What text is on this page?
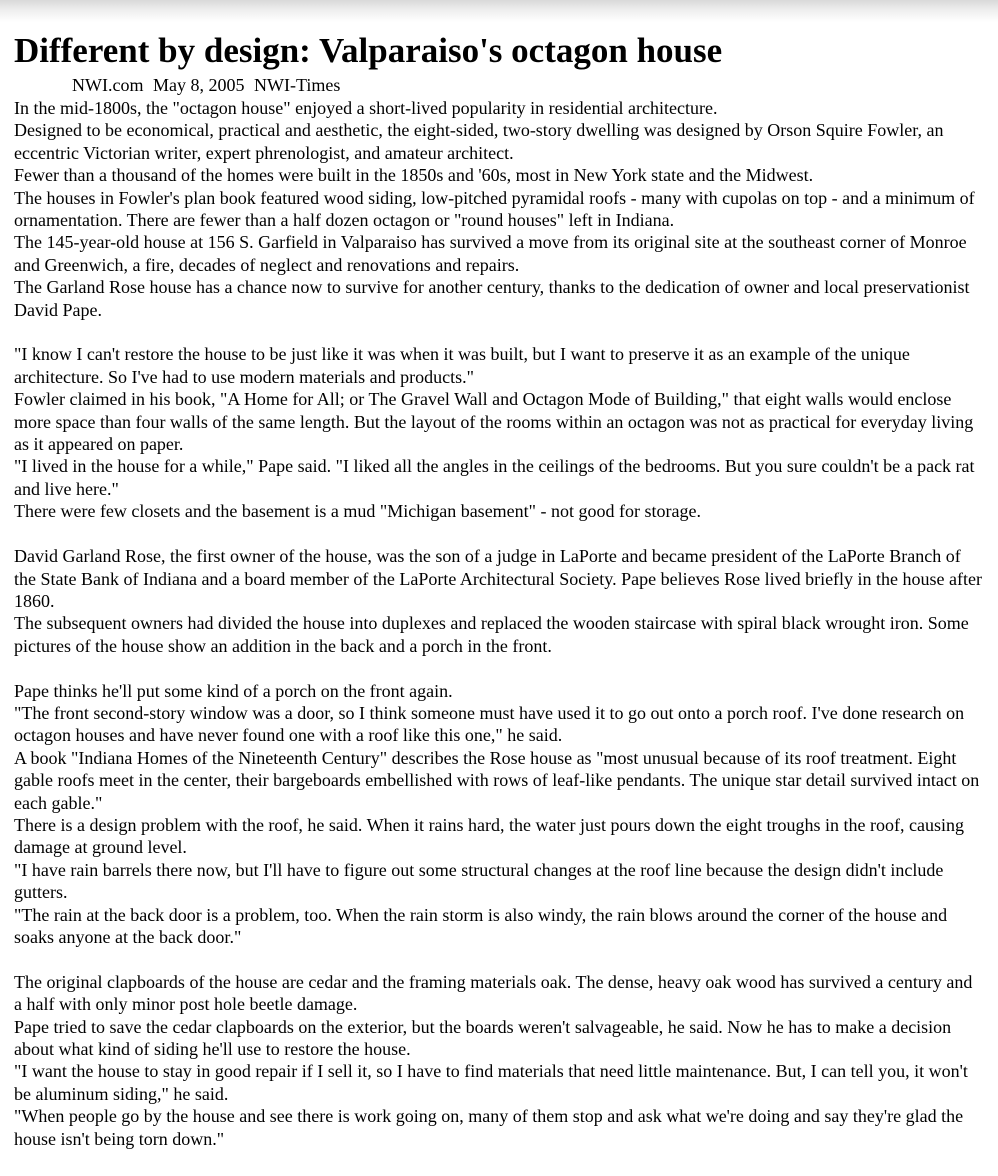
Different by design: Valparaiso's octagon house
NWI.com May 8, 2005 NWI-Times

In the mid-1800s, the "octagon house" enjoyed a short-lived popularity in residential architecture.

Designed to be economical, practical and aesthetic, the eight-sided, two-story dwelling was designed by Orson Squire Fowler, an eccentric Victorian writer, expert phrenologist, and amateur architect.

Fewer than a thousand of the homes were built in the 1850s and '60s, most in New York state and the Midwest.

The houses in Fowler's plan book featured wood siding, low-pitched pyramidal roofs - many with cupolas on top - and a minimum of ornamentation. There are fewer than a half dozen octagon or "round houses" left in Indiana.

The 145-year-old house at 156 S. Garfield in Valparaiso has survived a move from its original site at the southeast corner of Monroe and Greenwich, a fire, decades of neglect and renovations and repairs.

The Garland Rose house has a chance now to survive for another century, thanks to the dedication of owner and local preservationist David Pape.

"I know I can't restore the house to be just like it was when it was built, but I want to preserve it as an example of the unique architecture. So I've had to use modern materials and products."

Fowler claimed in his book, "A Home for All; or The Gravel Wall and Octagon Mode of Building," that eight walls would enclose more space than four walls of the same length. But the layout of the rooms within an octagon was not as practical for everyday living as it appeared on paper.

"I lived in the house for a while," Pape said. "I liked all the angles in the ceilings of the bedrooms. But you sure couldn't be a pack rat and live here."

There were few closets and the basement is a mud "Michigan basement" - not good for storage.

David Garland Rose, the first owner of the house, was the son of a judge in LaPorte and became president of the LaPorte Branch of the State Bank of Indiana and a board member of the LaPorte Architectural Society. Pape believes Rose lived briefly in the house after 1860.

The subsequent owners had divided the house into duplexes and replaced the wooden staircase with spiral black wrought iron. Some pictures of the house show an addition in the back and a porch in the front.

Pape thinks he'll put some kind of a porch on the front again.

"The front second-story window was a door, so I think someone must have used it to go out onto a porch roof. I've done research on octagon houses and have never found one with a roof like this one," he said.

A book "Indiana Homes of the Nineteenth Century" describes the Rose house as "most unusual because of its roof treatment. Eight gable roofs meet in the center, their bargeboards embellished with rows of leaf-like pendants. The unique star detail survived intact on each gable."

There is a design problem with the roof, he said. When it rains hard, the water just pours down the eight troughs in the roof, causing damage at ground level.

"I have rain barrels there now, but I'll have to figure out some structural changes at the roof line because the design didn't include gutters.

"The rain at the back door is a problem, too. When the rain storm is also windy, the rain blows around the corner of the house and soaks anyone at the back door."

The original clapboards of the house are cedar and the framing materials oak. The dense, heavy oak wood has survived a century and a half with only minor post hole beetle damage.

Pape tried to save the cedar clapboards on the exterior, but the boards weren't salvageable, he said. Now he has to make a decision about what kind of siding he'll use to restore the house.

"I want the house to stay in good repair if I sell it, so I have to find materials that need little maintenance. But, I can tell you, it won't be aluminum siding," he said.

"When people go by the house and see there is work going on, many of them stop and ask what we're doing and say they're glad the house isn't being torn down."
